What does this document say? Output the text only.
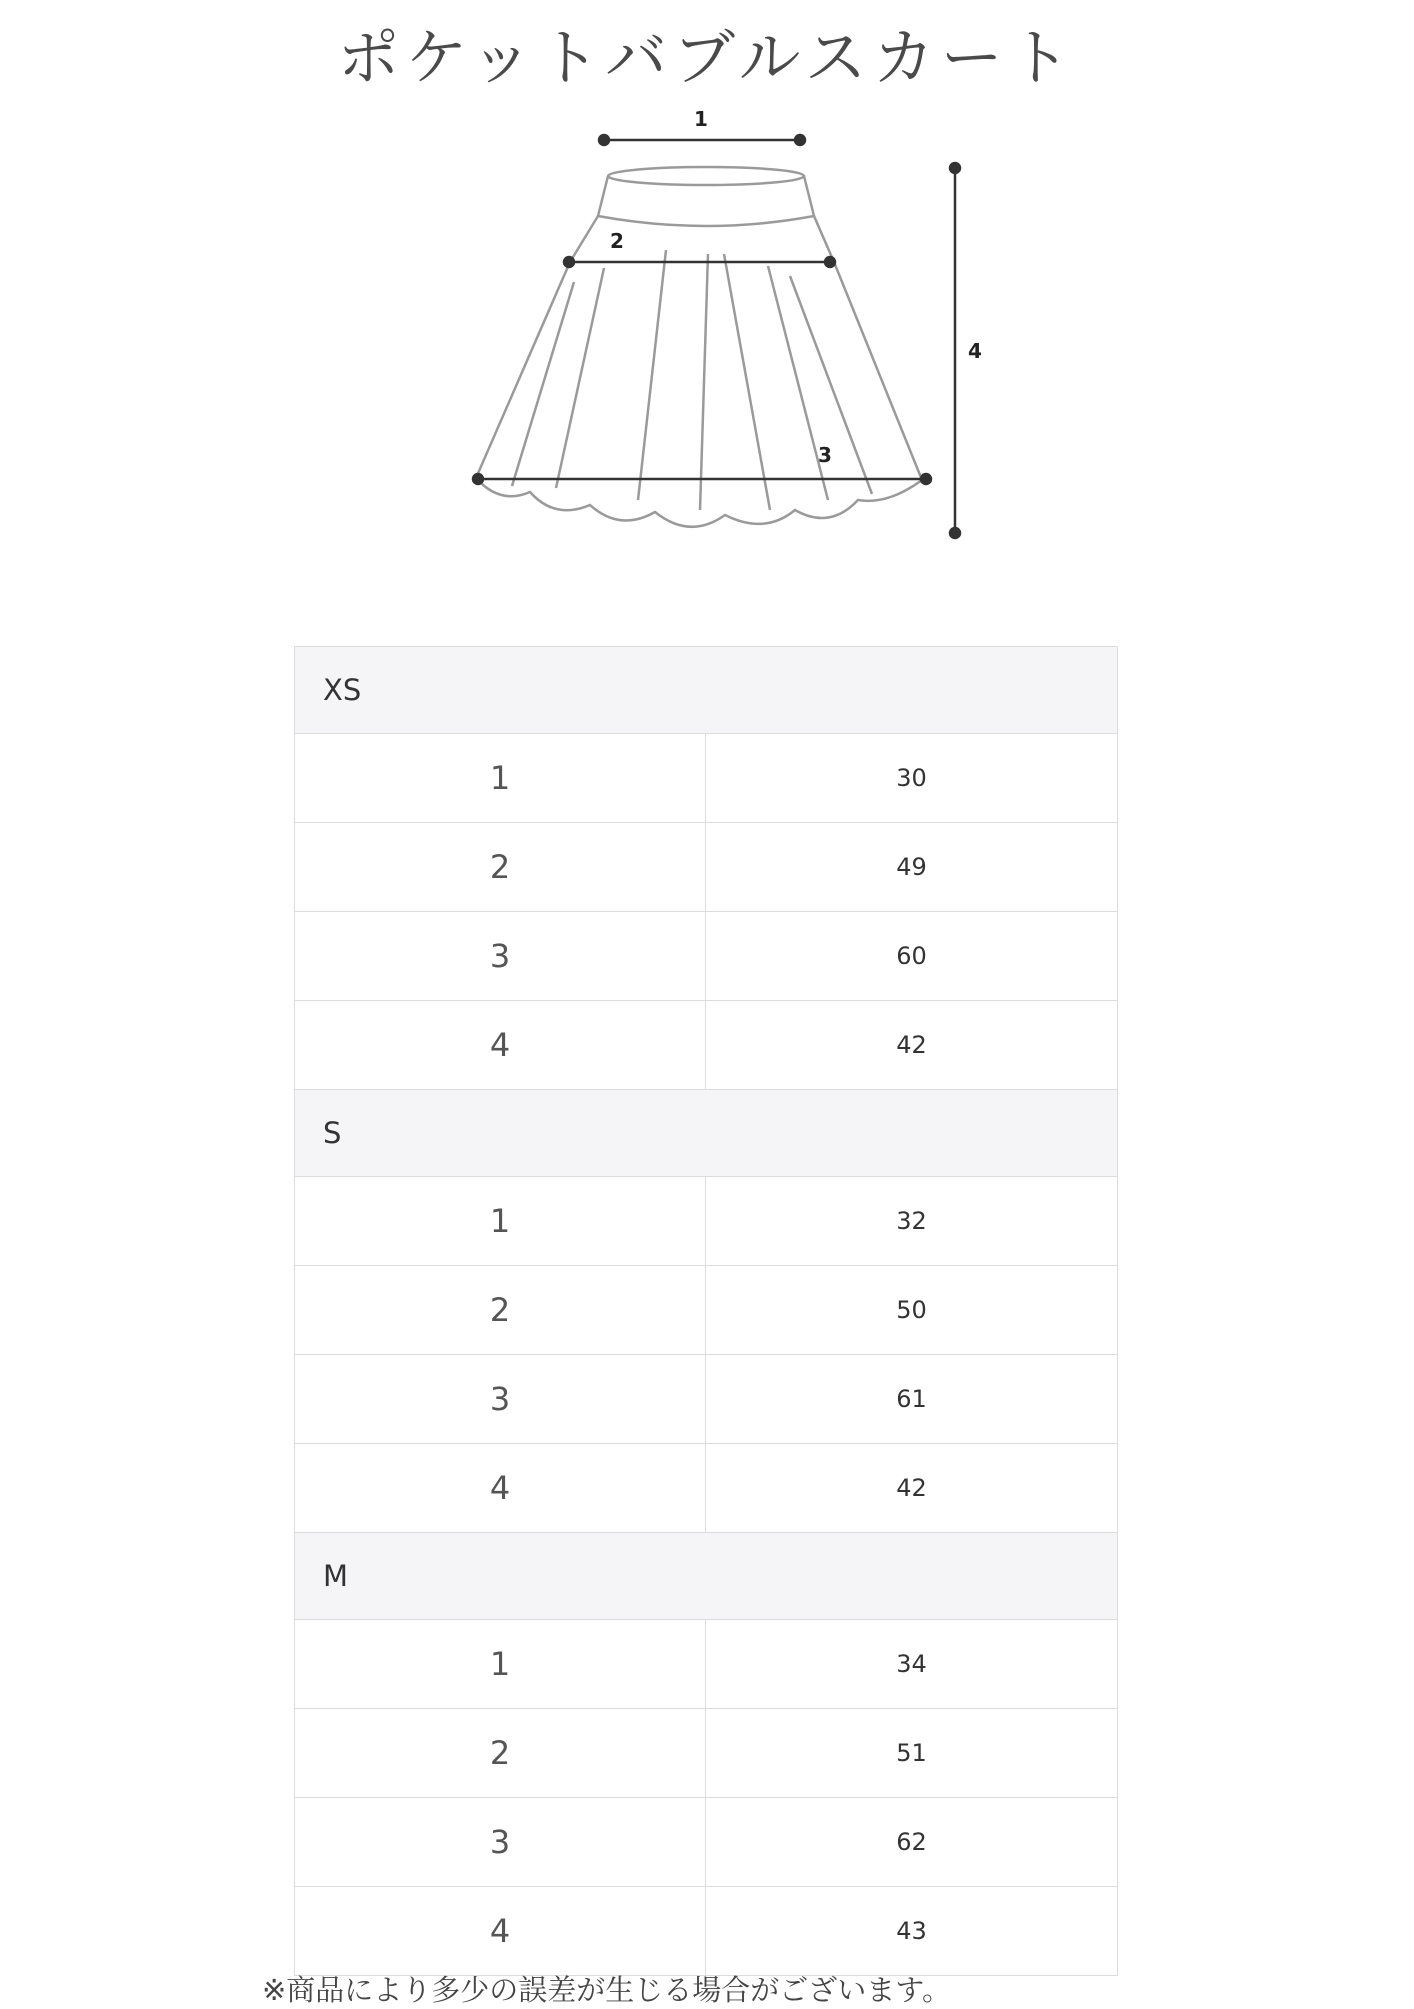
ポケットバブルスカート
1
2
3
4
XS	
1	30
2	49
3	60
4	42
S	
1	32
2	50
3	61
4	42
M	
1	34
2	51
3	62
4	43
※商品により多少の誤差が生じる場合がございます。
